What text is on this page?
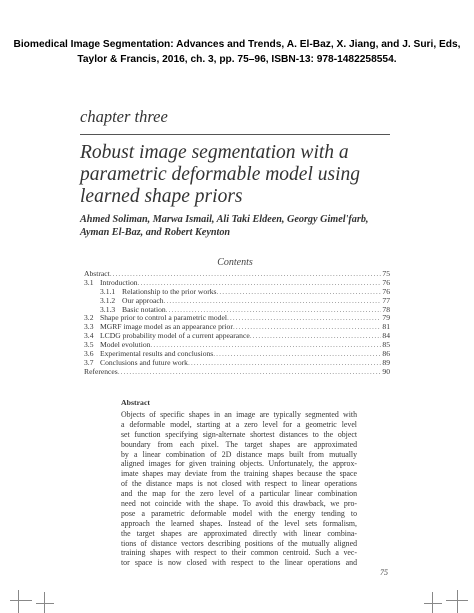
Biomedical Image Segmentation: Advances and Trends, A. El-Baz, X. Jiang, and J. Suri, Eds,
Taylor & Francis, 2016, ch. 3, pp. 75–96, ISBN-13: 978-1482258554.
chapter three
Robust image segmentation with a parametric deformable model using learned shape priors
Ahmed Soliman, Marwa Ismail, Ali Taki Eldeen, Georgy Gimel'farb,
Ayman El-Baz, and Robert Keynton
Contents
Abstract .....	75
3.1 Introduction .....	76
3.1.1 Relationship to the prior works .....	76
3.1.2 Our approach .....	77
3.1.3 Basic notation .....	78
3.2 Shape prior to control a parametric model .....	79
3.3 MGRF image model as an appearance prior .....	81
3.4 LCDG probability model of a current appearance .....	84
3.5 Model evolution .....	85
3.6 Experimental results and conclusions .....	86
3.7 Conclusions and future work .....	89
References .....	90
Abstract
Objects of specific shapes in an image are typically segmented with
a deformable model, starting at a zero level for a geometric level
set function specifying sign-alternate shortest distances to the object
boundary from each pixel. The target shapes are approximated
by a linear combination of 2D distance maps built from mutually
aligned images for given training objects. Unfortunately, the approx-
imate shapes may deviate from the training shapes because the space
of the distance maps is not closed with respect to linear operations
and the map for the zero level of a particular linear combination
need not coincide with the shape. To avoid this drawback, we pro-
pose a parametric deformable model with the energy tending to
approach the learned shapes. Instead of the level sets formalism,
the target shapes are approximated directly with linear combina-
tions of distance vectors describing positions of the mutually aligned
training shapes with respect to their common centroid. Such a vec-
tor space is now closed with respect to the linear operations and
75
